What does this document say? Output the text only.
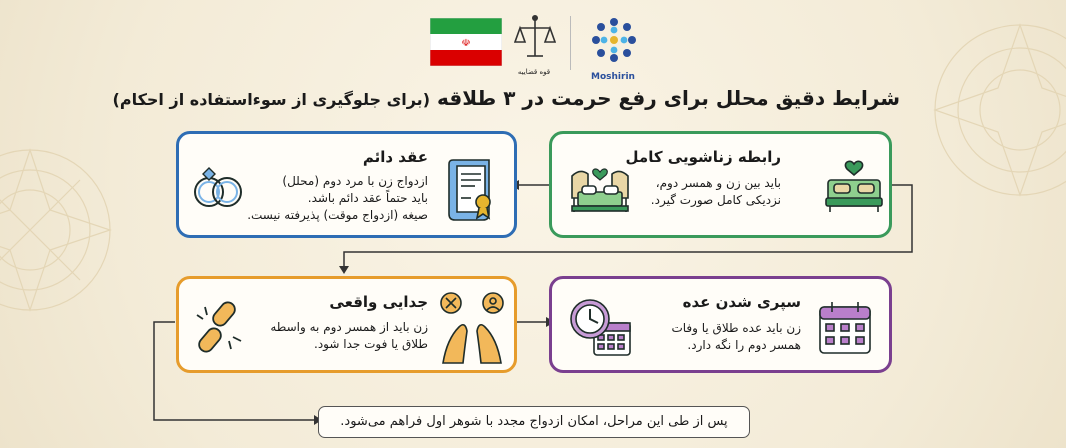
☫
قوه قضاییه	Moshirin
شرایط دقیق محلل برای رفع حرمت در ۳ طلاقه (برای جلوگیری از سوءاستفاده از احکام)
رابطه زناشویی کامل
باید بین زن و همسر دوم،
نزدیکی کامل صورت گیرد.
عقد دائم
ازدواج زن با مرد دوم (محلل)
باید حتماً عقد دائم باشد.
صیغه (ازدواج موقت) پذیرفته نیست.
جدایی واقعی
زن باید از همسر دوم به واسطه
طلاق یا فوت جدا شود.
سپری شدن عده
زن باید عده طلاق یا وفات
همسر دوم را نگه دارد.
پس از طی این مراحل، امکان ازدواج مجدد با شوهر اول فراهم می‌شود.
